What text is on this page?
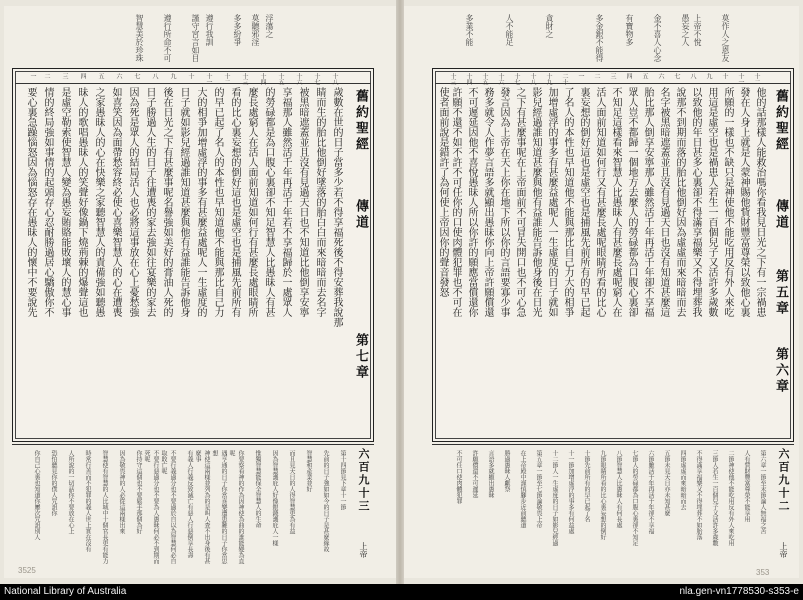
浮蕩之
莫聽邪淫
多多紛爭
遵行我訓
謹守宮言如目
遵行所命不可
智慧美於珍珠
十八
十七
十六
十五
十四
十三
十二
十一
十
九
八
七
六
五
四
三
二
一
舊約聖經
傳道
第七章
歲數在世的日子當多少若不得享福死後不得安葬我說那
睛而生的胎比他倒好墜落的胎白白而來暗暗而去名字
被黑暗遮蓋並且沒有見過天日也不知道比他倒享安寧
享福那人雖然活千年再活千年若不享福歸於一處眾人
的勞碌都是為口腹心裏卻不知足智慧人比愚昧人有甚
麼長處窮人在活人面前知道如何行有甚麼長處眼睛所
看的比心裏妄想的倒好這也是虛空也是捕風先前所有
的早已起了名人的本性也早知道他不能與那比自己力
大的相爭加增虛浮的事多有甚麼益處呢人一生虛度的
日子就如影兒經過誰知道甚麼與他有益誰能告訴他身
後在日光之下有甚麼事呢名譽強如美好的膏油人死的
日子勝過人生的日子往遭喪的家去強如往宴樂的家去
因為死是眾人的結局活人也必將這事放在心上憂愁強
如喜笑因為面帶愁容終必使心喜樂智慧人的心在遭喪
之家愚昧人的心在快樂之家聽智慧人的責備強如聽愚
昧人的歌唱愚昧人的笑聲好像鍋下燒荊棘的爆聲這也
是虛空勒索使智慧人變為愚妄賄賂能敗壞人的慧心事
情的終局強如事情的起頭存心忍耐勝過居心驕傲你不
要心裏急躁惱怒因為惱怒存在愚昧人的懷中不要說先
第十四節見下章十一節
先前的日子強如如今的日子是甚麼緣故
智慧和產業並好
而且見天日的人得智慧更為有益
因為智慧護庇人好像銀錢護庇人一樣
惟獨智慧能保全智慧人的生命
你要察看神的作為因神使為曲的誰能變為直呢
遇亨通的日子你當喜樂遭患難的日子你當思想
神使這兩樣並列為的是叫人查不出身後有甚麼事
有義人行義反致滅亡有惡人行惡倒享長壽
不要行義過分也不要過於自以為智慧何必自取敗亡呢
不要行惡過分也不要為人愚昧何必不到期而死呢
你持守這個也不要鬆手那個為好
因為敬畏神的人必從這兩樣出來
智慧使有智慧的人比城中十個官長更有能力
時常行善而不犯罪的義人世上實在沒有
人所說的一切話你不要放在心上
恐怕聽見你的僕人咒詛你
你自己心裏也知道你屢次咒詛別人	六百九十三
上帝
3525
莫作人之恩友
上帝不悅
愚妄之人
金不喜人心念
有寶物多
多金銀不能得
貪財之
人不能足
多業不能
十二
十一
十
九
八
七
六
五
四
三
二
一
二十
十九
十八
十七
十六
十五
十四
十三
舊約聖經
傳道
第五章
第六章
他的話那樣人能救治嗎你看我見日光之下有一宗禍患
發在人身上就是人蒙神賜他貲財豐富尊榮以致他心裏
所願的一樣也不缺只是神使他不能吃用反有外人來吃
用這是虛空也是禍患人若生一百個兒子又活許多歲數
以致他的年日甚多心裏卻不得滿享福樂又不得埋葬我
說那不到期而落的胎比他倒好因為虛虛而來暗暗而去
名字被黑暗遮蓋並且沒有見過天日也沒有知道甚麼這
胎比那人倒享安寧那人雖然活千年再活千年卻不享福
眾人豈不都歸一個地方去麼人的勞碌都為口腹心裏卻
不知足這樣看來智慧人比愚昧人有甚麼長處呢窮人在
活人面前知道如何行又有甚麼長處呢眼睛所看的比心
裏妄想的倒好這也是虛空也是捕風先前所有的早已起
了名人的本性也早知道他不能與那比自己力大的相爭
加增虛浮的事多有甚麼益處呢人一生虛度的日子就如
影兒經過誰知道甚麼與他有益誰能告訴他身後在日光
之下有甚麼事呢在上帝面前不可冒失開口也不可心急
發言因為上帝在天上你在地下所以你的言語要寡少事
務多就令人作夢言語多就顯出愚昧你向上帝許願償還
不可遲延因他不喜悅愚昧人所以你許的願應當償還你
許願不還不如不許不可任你的口使肉體犯罪也不可在
使者面前說是錯許了為何使上帝因你的聲音發怒
第六章一節至末節論人無福之苦
人有貲財豐富尊榮不能享用
二節神使他不能吃用反有外人來吃用
三節人若生一百個兒子又活許多歲數
不得滿享福樂又不得埋葬不如胎落
四節虛虛而來暗暗而去
五節未見天日亦未知甚麼
六節雖活千年再活千年卻不享福
七節人的勞碌都為口腹心裏卻不知足
八節智慧人比愚昧人有何長處
九節眼睛所看的比心裏妄想的倒好
十節先前所有的早已起了名
十一節加增虛浮的事多有何益處
十二節人一生虛度的日子如影兒經過
第五章一節至七節論敬畏上帝
在上帝殿中謹慎腳步近前聽道
勝過愚昧人獻祭
言語多就顯出愚昧
許願償還不可遲延
不可任口使肉體犯罪	六百九十二
上帝
353
National Library of Australia	nla.gen-vn1778530-s353-e
